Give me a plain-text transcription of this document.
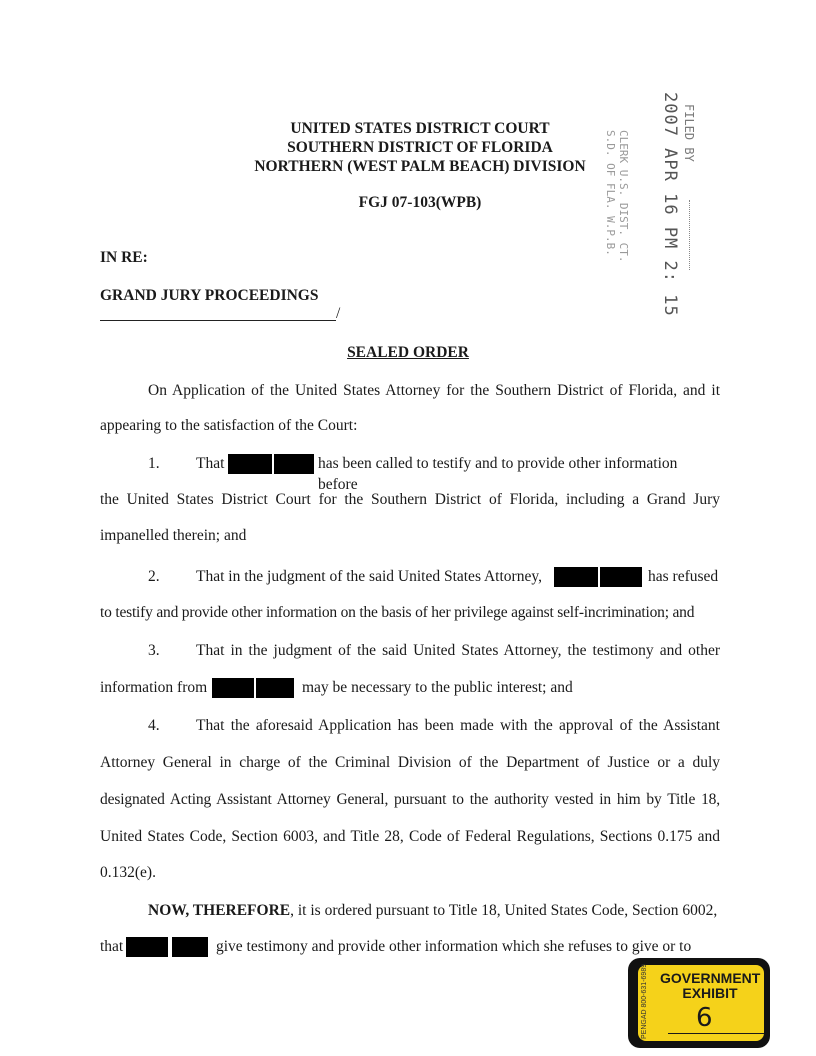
UNITED STATES DISTRICT COURT
SOUTHERN DISTRICT OF FLORIDA
NORTHERN (WEST PALM BEACH) DIVISION
FGJ 07-103(WPB)
FILED BY
2007 APR 16 PM 2: 15
CLERK U.S. DIST. CT.
S.D. OF FLA. W.P.B.
IN RE:
GRAND JURY PROCEEDINGS
/
SEALED ORDER
On Application of the United States Attorney for the Southern District of Florida, and it
appearing to the satisfaction of the Court:
1. That	has been called to testify and to provide other information before
the United States District Court for the Southern District of Florida, including a Grand Jury
impanelled therein; and
2. That in the judgment of the said United States Attorney,	has refused
to testify and provide other information on the basis of her privilege against self-incrimination; and
3. That in the judgment of the said United States Attorney, the testimony and other
information from	may be necessary to the public interest; and
4. That the aforesaid Application has been made with the approval of the Assistant
Attorney General in charge of the Criminal Division of the Department of Justice or a duly
designated Acting Assistant Attorney General, pursuant to the authority vested in him by Title 18,
United States Code, Section 6003, and Title 28, Code of Federal Regulations, Sections 0.175 and
0.132(e).
NOW, THEREFORE, it is ordered pursuant to Title 18, United States Code, Section 6002,
that	give testimony and provide other information which she refuses to give or to
PENGAD 800-631-6989 GOVERNMENT
EXHIBIT
6
